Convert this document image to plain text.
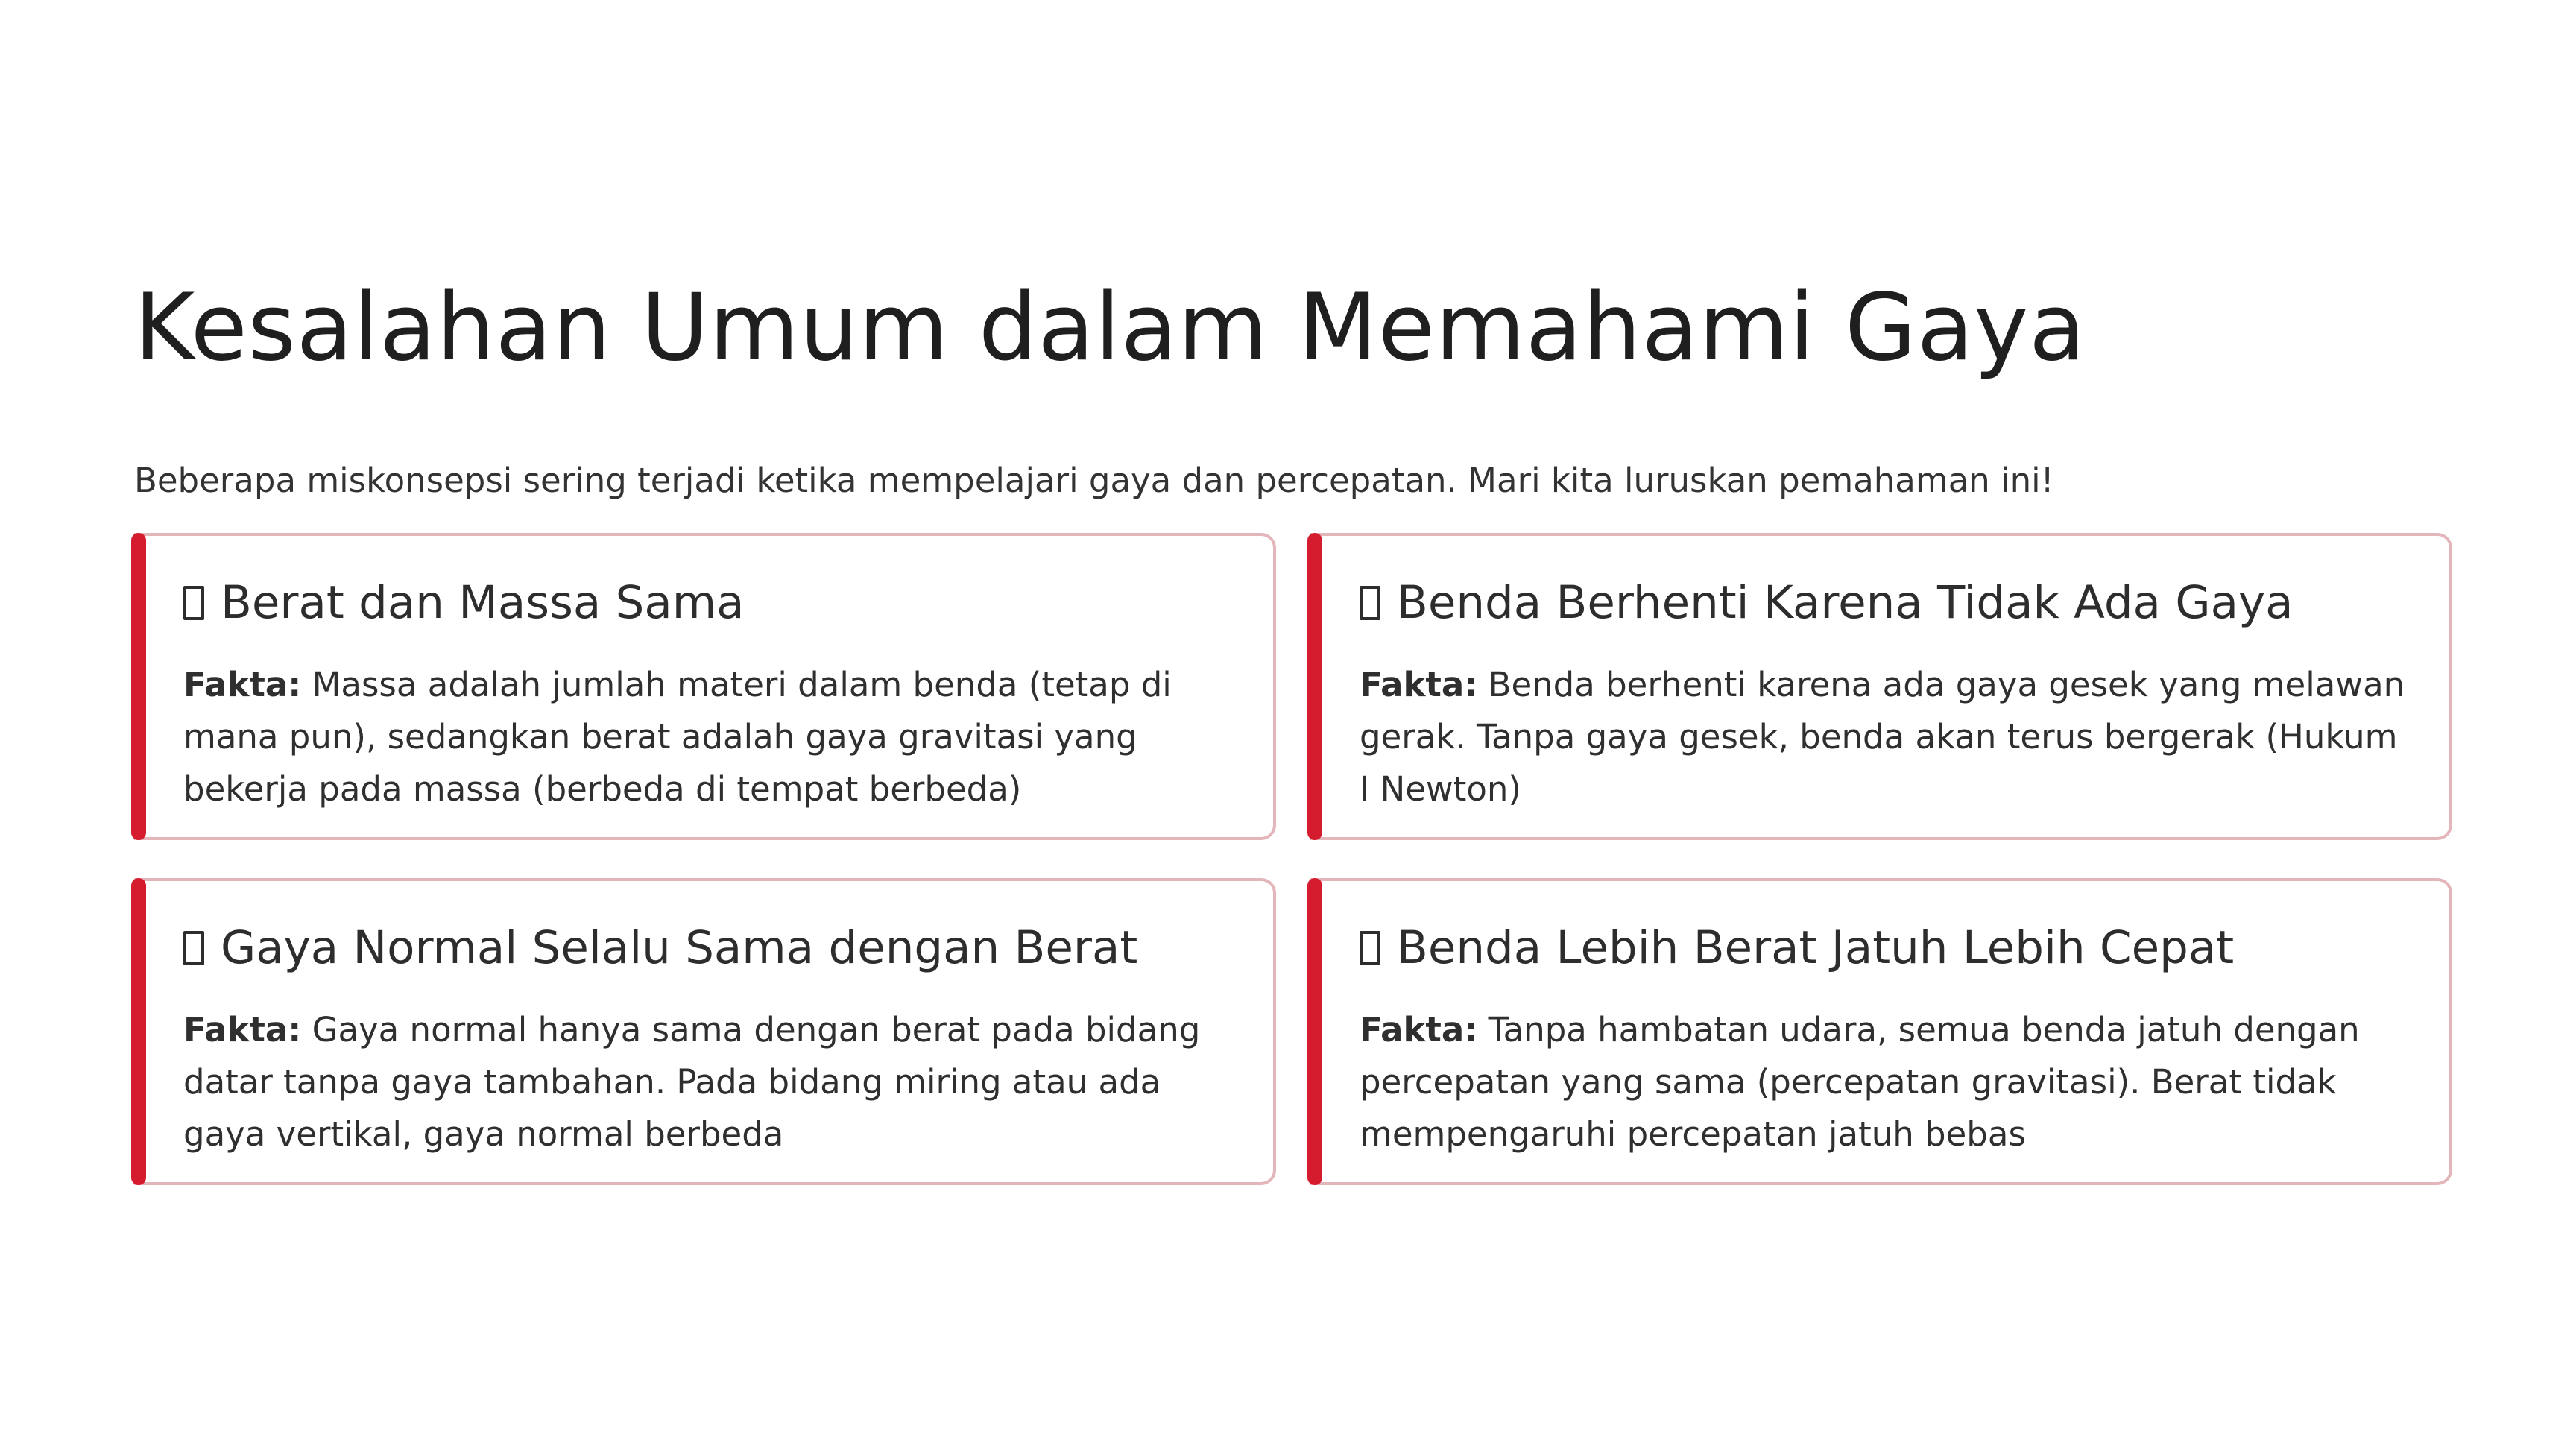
Kesalahan Umum dalam Memahami Gaya

Beberapa miskonsepsi sering terjadi ketika mempelajari gaya dan percepatan. Mari kita luruskan pemahaman ini!

Berat dan Massa Sama

Fakta: Massa adalah jumlah materi dalam benda (tetap di mana pun), sedangkan berat adalah gaya gravitasi yang bekerja pada massa (berbeda di tempat berbeda)

Benda Berhenti Karena Tidak Ada Gaya

Fakta: Benda berhenti karena ada gaya gesek yang melawan gerak. Tanpa gaya gesek, benda akan terus bergerak (Hukum I Newton)

Gaya Normal Selalu Sama dengan Berat

Fakta: Gaya normal hanya sama dengan berat pada bidang datar tanpa gaya tambahan. Pada bidang miring atau ada gaya vertikal, gaya normal berbeda

Benda Lebih Berat Jatuh Lebih Cepat

Fakta: Tanpa hambatan udara, semua benda jatuh dengan percepatan yang sama (percepatan gravitasi). Berat tidak mempengaruhi percepatan jatuh bebas
